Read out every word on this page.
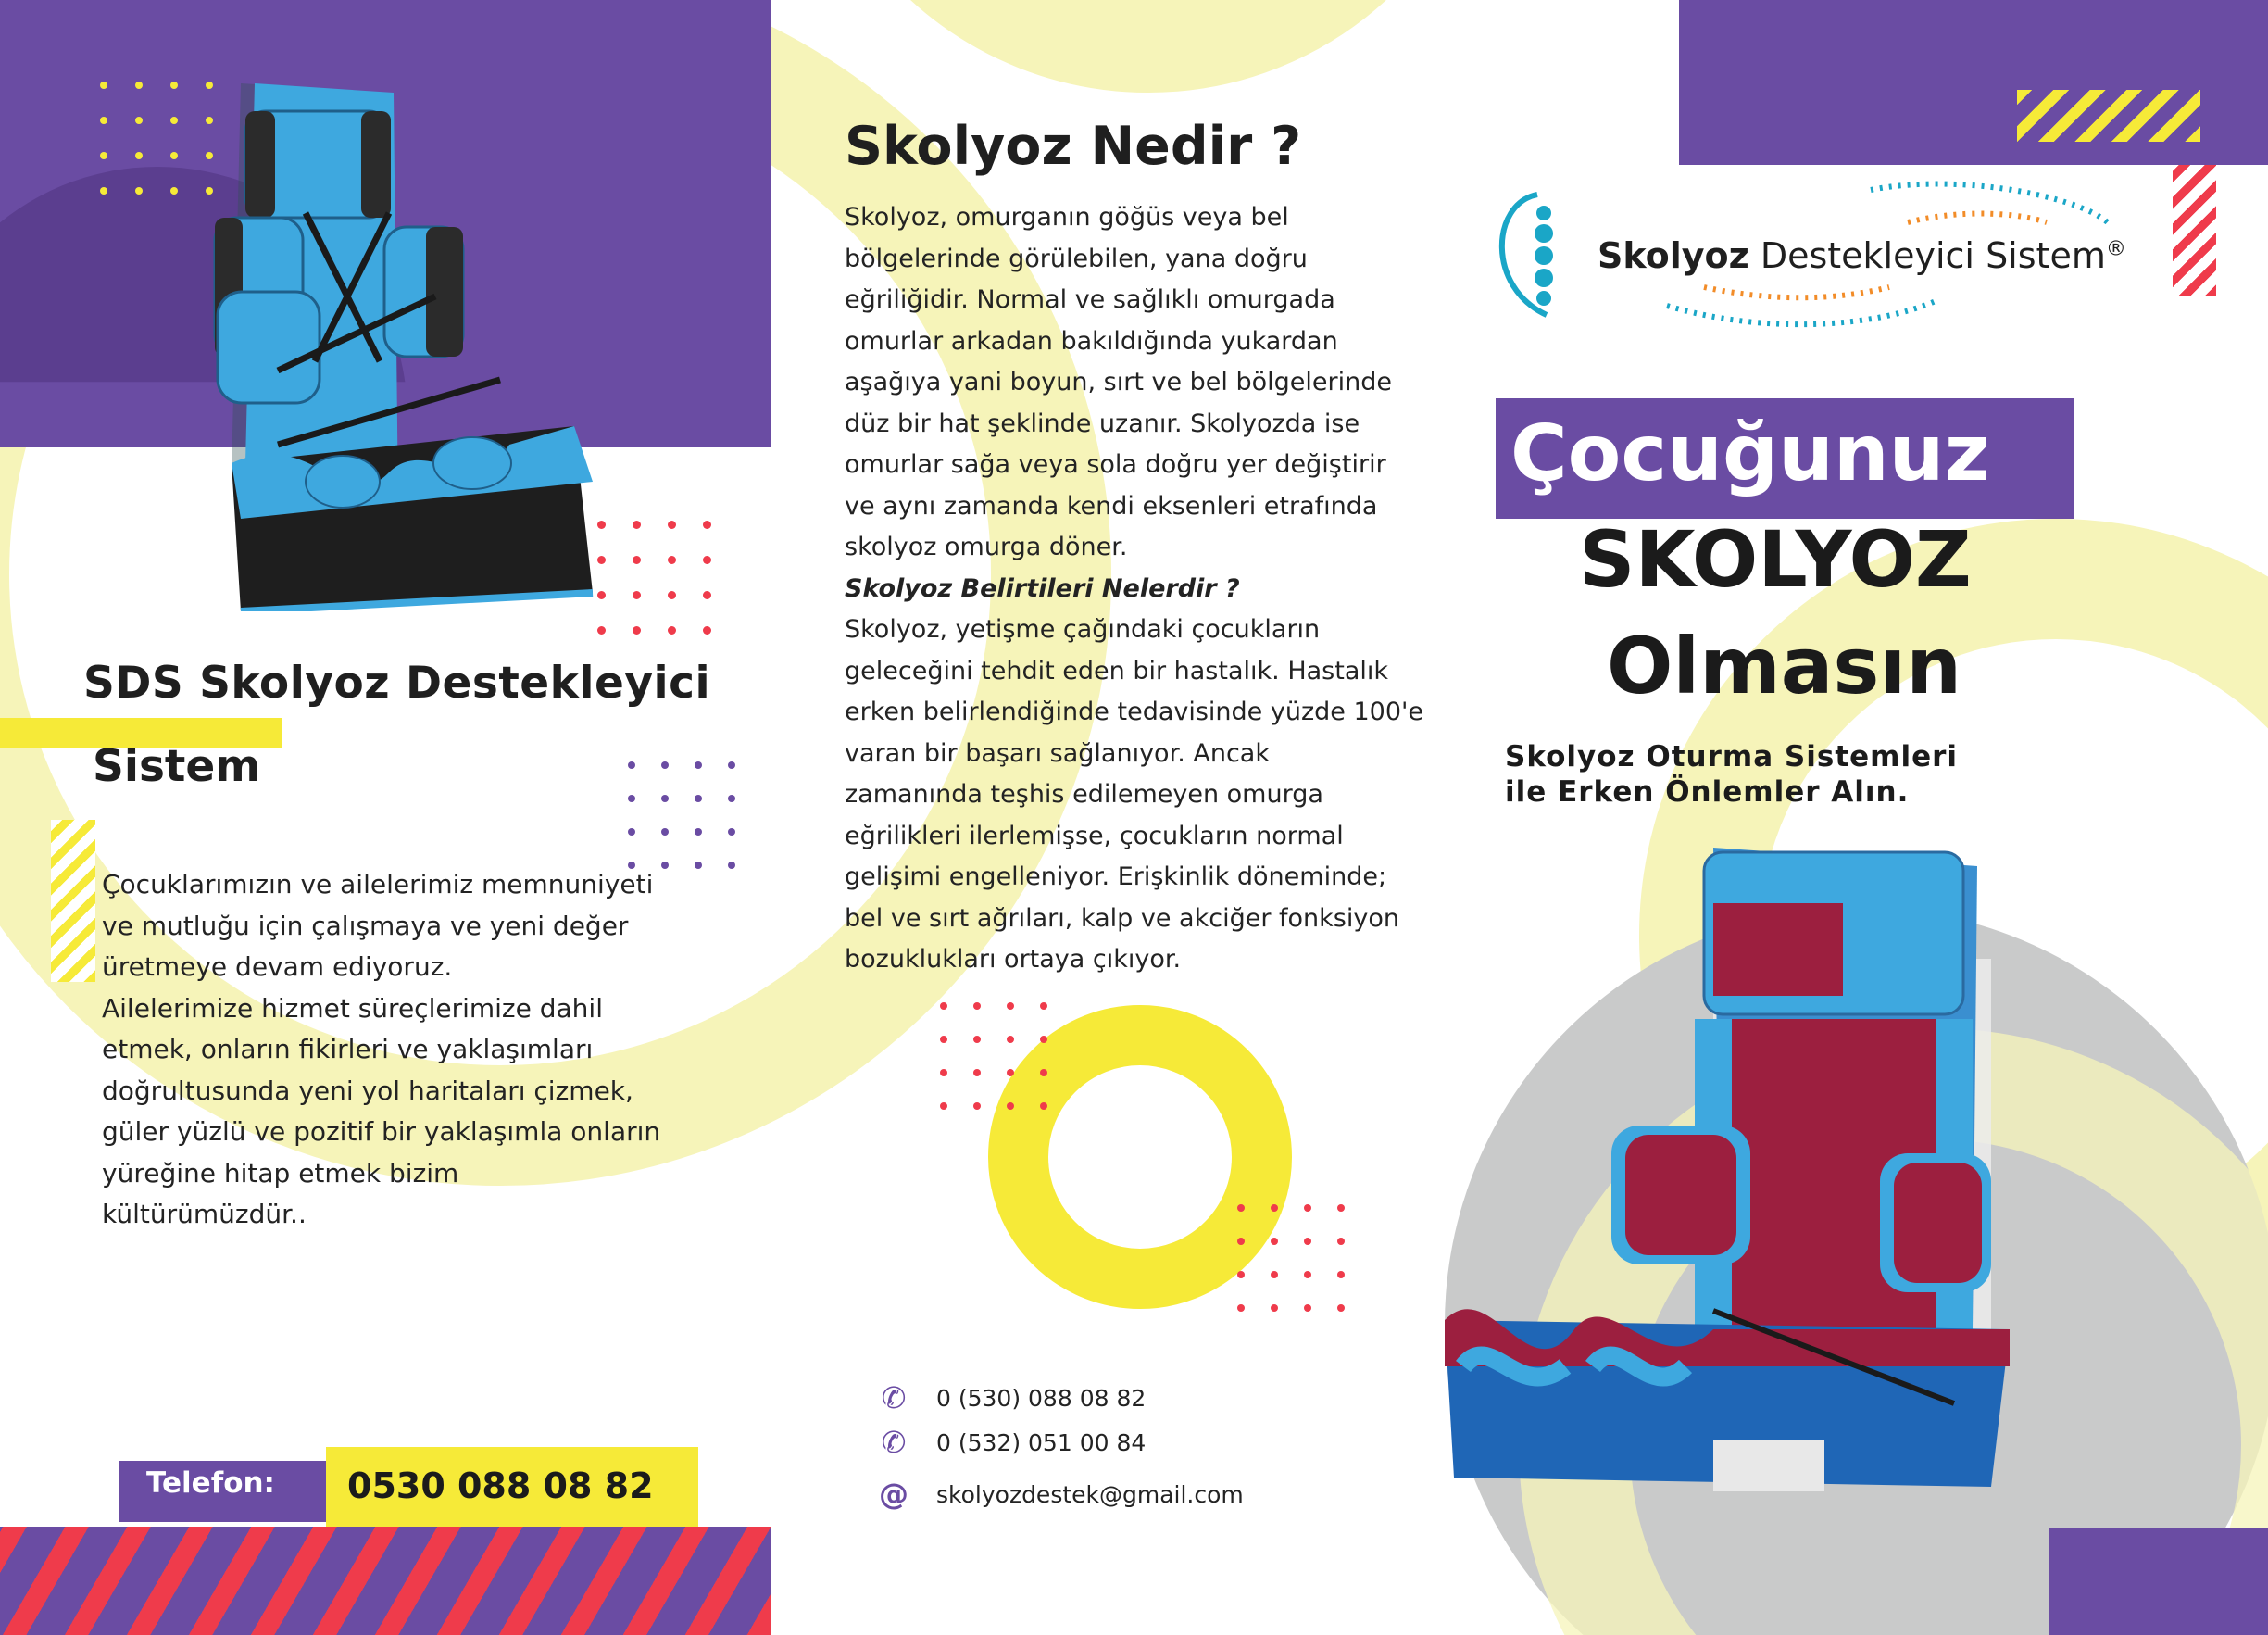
SDS Skolyoz Destekleyici
Sistem
Çocuklarımızın ve ailelerimiz memnuniyeti
ve mutluğu için çalışmaya ve yeni değer
üretmeye devam ediyoruz.
Ailelerimize hizmet süreçlerimize dahil
etmek, onların fikirleri ve yaklaşımları
doğrultusunda yeni yol haritaları çizmek,
güler yüzlü ve pozitif bir yaklaşımla onların
yüreğine hitap etmek bizim
kültürümüzdür..
Telefon: 0530 088 08 82
Skolyoz Nedir ?
Skolyoz, omurganın göğüs veya bel
bölgelerinde görülebilen, yana doğru
eğriliğidir. Normal ve sağlıklı omurgada
omurlar arkadan bakıldığında yukardan
aşağıya yani boyun, sırt ve bel bölgelerinde
düz bir hat şeklinde uzanır. Skolyozda ise
omurlar sağa veya sola doğru yer değiştirir
ve aynı zamanda kendi eksenleri etrafında
skolyoz omurga döner.
Skolyoz Belirtileri Nelerdir ?
Skolyoz, yetişme çağındaki çocukların
geleceğini tehdit eden bir hastalık. Hastalık
erken belirlendiğinde tedavisinde yüzde 100'e
varan bir başarı sağlanıyor. Ancak
zamanında teşhis edilemeyen omurga
eğrilikleri ilerlemişse, çocukların normal
gelişimi engelleniyor. Erişkinlik döneminde;
bel ve sırt ağrıları, kalp ve akciğer fonksiyon
bozuklukları ortaya çıkıyor.
✆ 0 (530) 088 08 82
✆ 0 (532) 051 00 84
@ skolyozdestek@gmail.com
Skolyoz Destekleyici Sistem®
Çocuğunuz
SKOLYOZ
Olmasın
Skolyoz Oturma Sistemleri
ile Erken Önlemler Alın.
